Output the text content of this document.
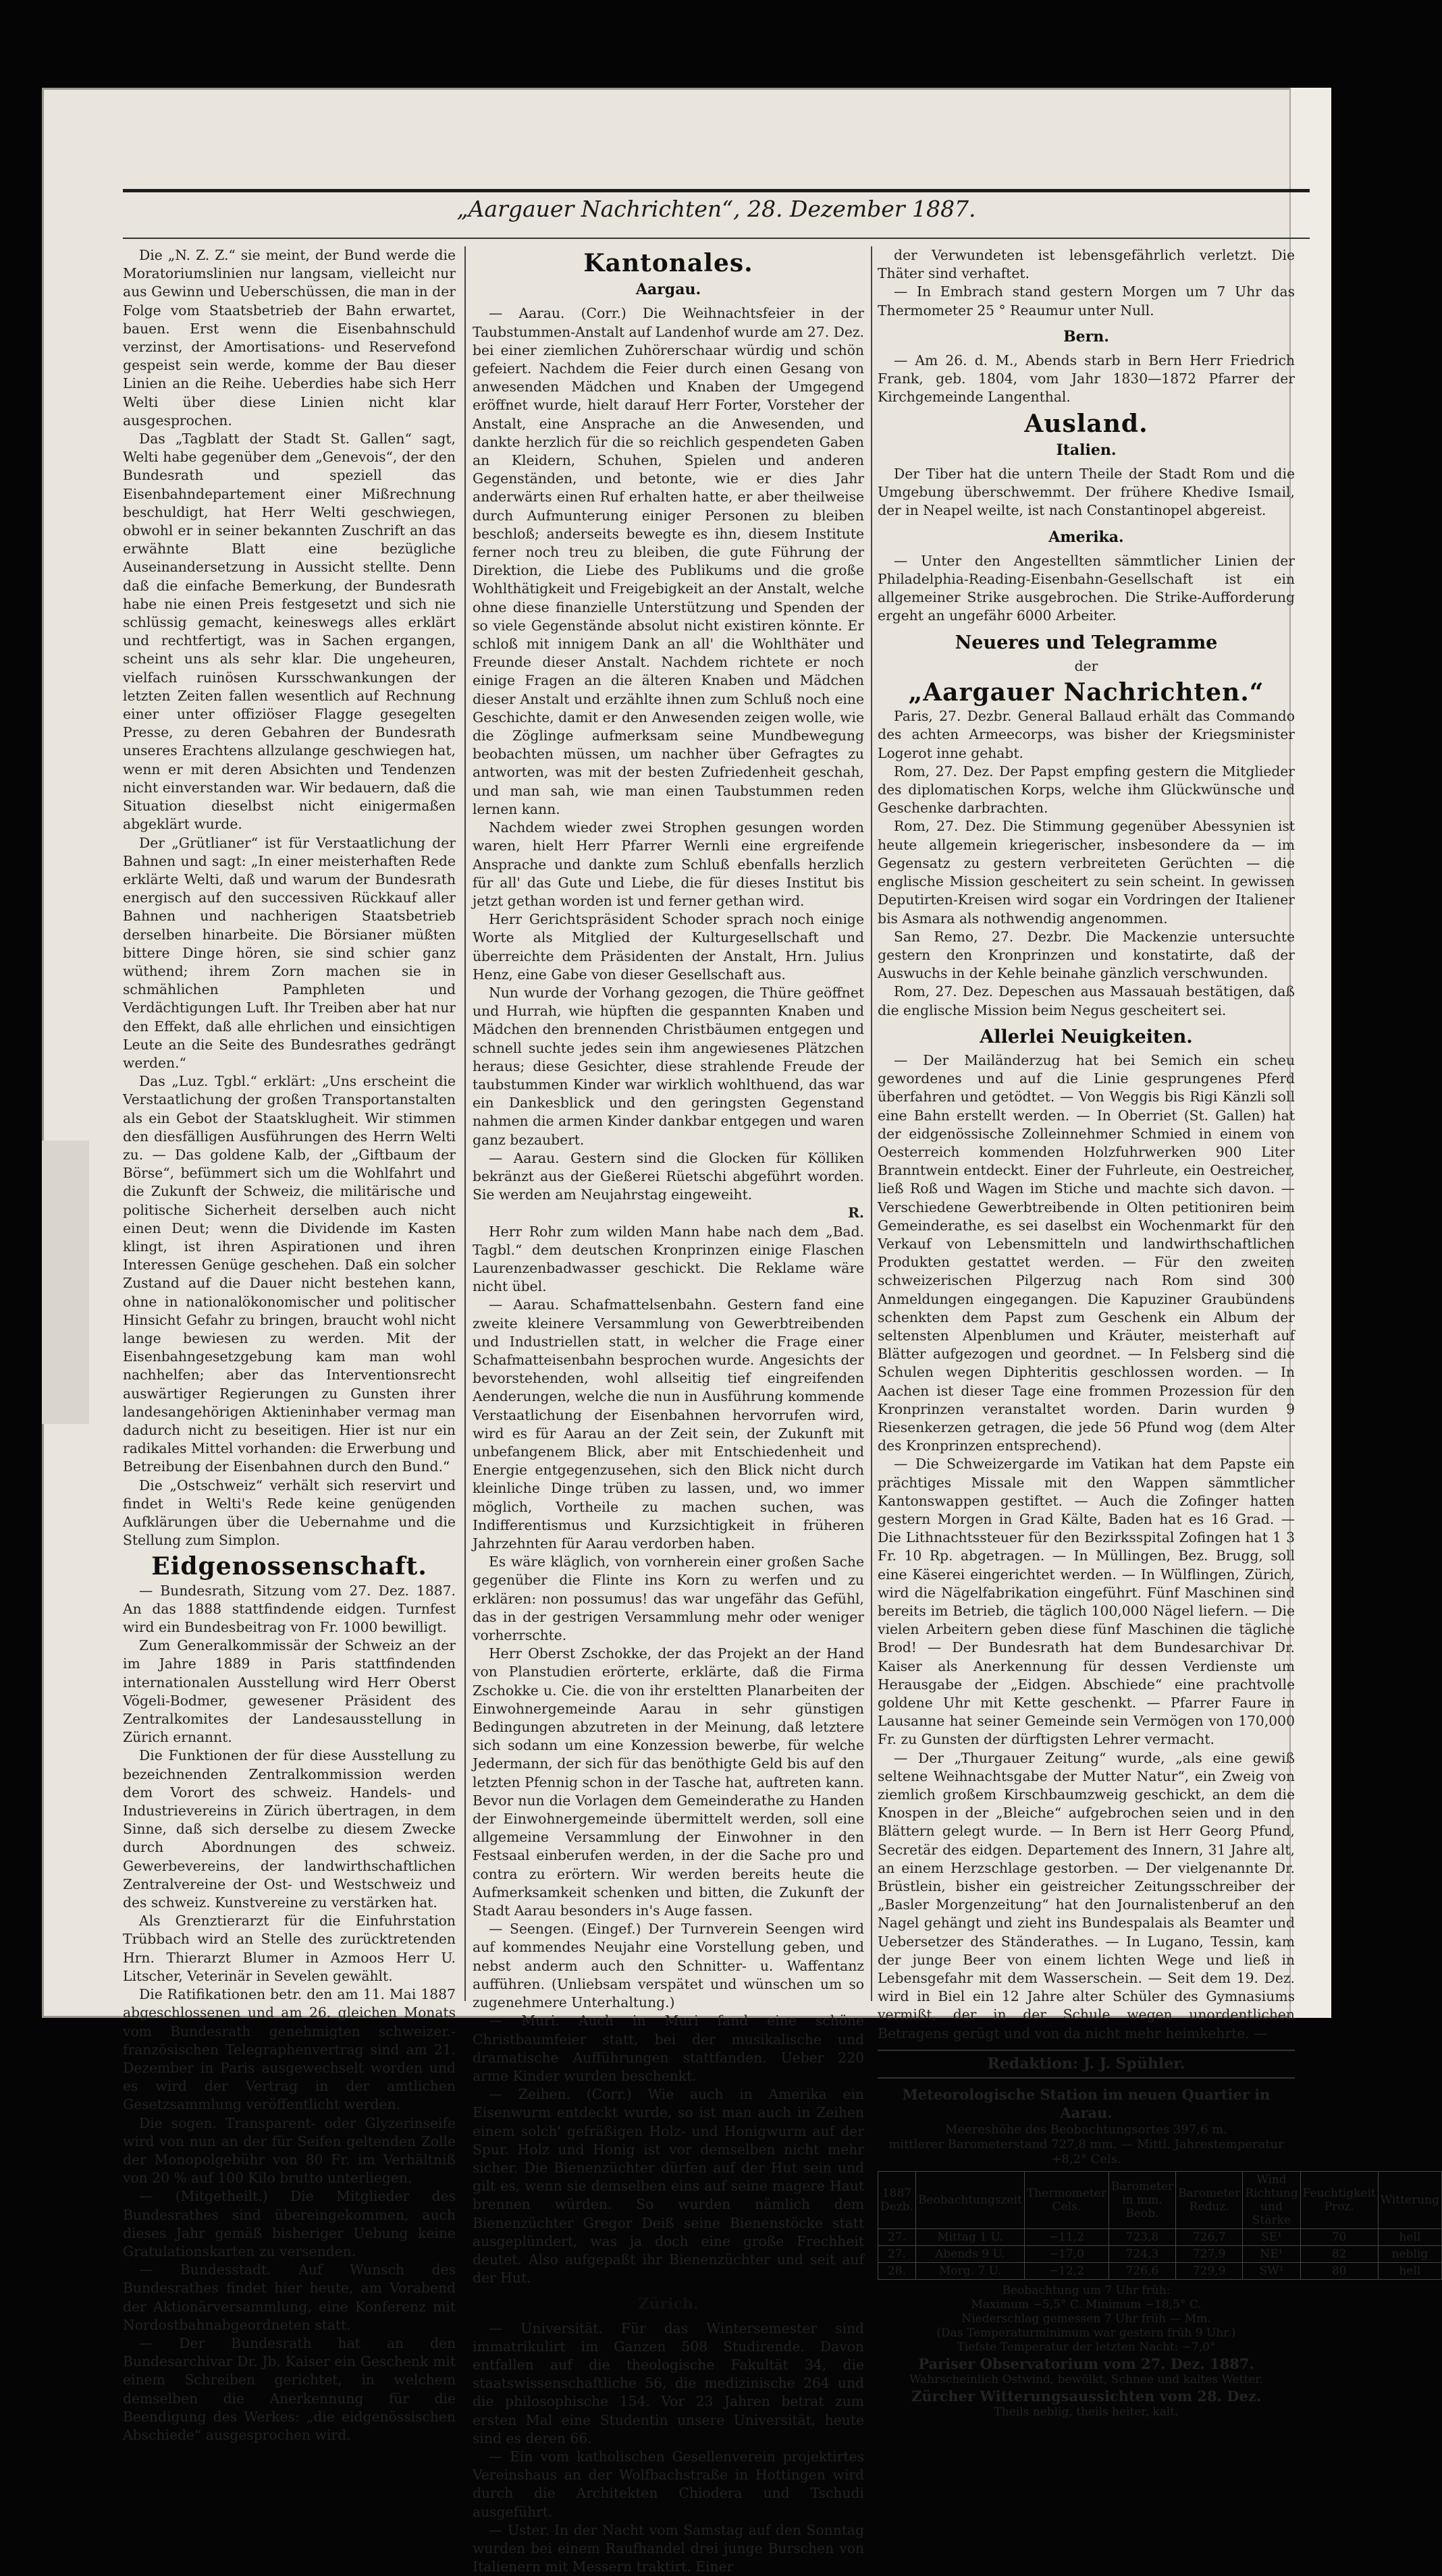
„Aargauer Nachrichten“, 28. Dezember 1887.

Die „N. Z. Z.“ sie meint, der Bund werde die Moratoriumslinien nur langsam, vielleicht nur aus Gewinn und Ueberschüssen, die man in der Folge vom Staatsbetrieb der Bahn erwartet, bauen. Erst wenn die Eisenbahnschuld verzinst, der Amortisations- und Reservefond gespeist sein werde, komme der Bau dieser Linien an die Reihe. Ueberdies habe sich Herr Welti über diese Linien nicht klar ausgesprochen.

Das „Tagblatt der Stadt St. Gallen“ sagt, Welti habe gegenüber dem „Genevois“, der den Bundesrath und speziell das Eisenbahndepartement einer Mißrechnung beschuldigt, hat Herr Welti geschwiegen, obwohl er in seiner bekannten Zuschrift an das erwähnte Blatt eine bezügliche Auseinandersetzung in Aussicht stellte. Denn daß die einfache Bemerkung, der Bundesrath habe nie einen Preis festgesetzt und sich nie schlüssig gemacht, keineswegs alles erklärt und rechtfertigt, was in Sachen ergangen, scheint uns als sehr klar. Die ungeheuren, vielfach ruinösen Kursschwankungen der letzten Zeiten fallen wesentlich auf Rechnung einer unter offiziöser Flagge gesegelten Presse, zu deren Gebahren der Bundesrath unseres Erachtens allzulange geschwiegen hat, wenn er mit deren Absichten und Tendenzen nicht einverstanden war. Wir bedauern, daß die Situation dieselbst nicht einigermaßen abgeklärt wurde.

Der „Grütlianer“ ist für Verstaatlichung der Bahnen und sagt: „In einer meisterhaften Rede erklärte Welti, daß und warum der Bundesrath energisch auf den successiven Rückkauf aller Bahnen und nachherigen Staatsbetrieb derselben hinarbeite. Die Börsianer müßten bittere Dinge hören, sie sind schier ganz wüthend; ihrem Zorn machen sie in schmählichen Pamphleten und Verdächtigungen Luft. Ihr Treiben aber hat nur den Effekt, daß alle ehrlichen und einsichtigen Leute an die Seite des Bundesrathes gedrängt werden.“

Das „Luz. Tgbl.“ erklärt: „Uns erscheint die Verstaatlichung der großen Transportanstalten als ein Gebot der Staatsklugheit. Wir stimmen den diesfälligen Ausführungen des Herrn Welti zu. — Das goldene Kalb, der „Giftbaum der Börse“, befümmert sich um die Wohlfahrt und die Zukunft der Schweiz, die militärische und politische Sicherheit derselben auch nicht einen Deut; wenn die Dividende im Kasten klingt, ist ihren Aspirationen und ihren Interessen Genüge geschehen. Daß ein solcher Zustand auf die Dauer nicht bestehen kann, ohne in nationalökonomischer und politischer Hinsicht Gefahr zu bringen, braucht wohl nicht lange bewiesen zu werden. Mit der Eisenbahngesetzgebung kam man wohl nachhelfen; aber das Interventionsrecht auswärtiger Regierungen zu Gunsten ihrer landesangehörigen Aktieninhaber vermag man dadurch nicht zu beseitigen. Hier ist nur ein radikales Mittel vorhanden: die Erwerbung und Betreibung der Eisenbahnen durch den Bund.“

Die „Ostschweiz“ verhält sich reservirt und findet in Welti's Rede keine genügenden Aufklärungen über die Uebernahme und die Stellung zum Simplon.

Eidgenossenschaft.

— Bundesrath, Sitzung vom 27. Dez. 1887. An das 1888 stattfindende eidgen. Turnfest wird ein Bundesbeitrag von Fr. 1000 bewilligt.

Zum Generalkommissär der Schweiz an der im Jahre 1889 in Paris stattfindenden internationalen Ausstellung wird Herr Oberst Vögeli-Bodmer, gewesener Präsident des Zentralkomites der Landesausstellung in Zürich ernannt.

Die Funktionen der für diese Ausstellung zu bezeichnenden Zentralkommission werden dem Vorort des schweiz. Handels- und Industrievereins in Zürich übertragen, in dem Sinne, daß sich derselbe zu diesem Zwecke durch Abordnungen des schweiz. Gewerbevereins, der landwirthschaftlichen Zentralvereine der Ost- und Westschweiz und des schweiz. Kunstvereine zu verstärken hat.

Als Grenztierarzt für die Einfuhrstation Trübbach wird an Stelle des zurücktretenden Hrn. Thierarzt Blumer in Azmoos Herr U. Litscher, Veterinär in Sevelen gewählt.

Die Ratifikationen betr. den am 11. Mai 1887 abgeschlossenen und am 26. gleichen Monats vom Bundesrath genehmigten schweizer.-französischen Telegraphenvertrag sind am 21. Dezember in Paris ausgewechselt worden und es wird der Vertrag in der amtlichen Gesetzsammlung veröffentlicht werden.

Die sogen. Transparent- oder Glyzerinseife wird von nun an der für Seifen geltenden Zolle der Monopolgebühr von 80 Fr. im Verhältniß von 20 % auf 100 Kilo brutto unterliegen.

— (Mitgetheilt.) Die Mitglieder des Bundesrathes sind übereingekommen, auch dieses Jahr gemäß bisheriger Uebung keine Gratulationskarten zu versenden.

— Bundesstadt. Auf Wunsch des Bundesrathes findet hier heute, am Vorabend der Aktionärversammlung, eine Konferenz mit Nordostbahnabgeordneten statt.

— Der Bundesrath hat an den Bundesarchivar Dr. Jb. Kaiser ein Geschenk mit einem Schreiben gerichtet, in welchem demselben die Anerkennung für die Beendigung des Werkes: „die eidgenössischen Abschiede“ ausgesprochen wird.

Kantonales.
Aargau.

— Aarau. (Corr.) Die Weihnachtsfeier in der Taubstummen-Anstalt auf Landenhof wurde am 27. Dez. bei einer ziemlichen Zuhörerschaar würdig und schön gefeiert. Nachdem die Feier durch einen Gesang von anwesenden Mädchen und Knaben der Umgegend eröffnet wurde, hielt darauf Herr Forter, Vorsteher der Anstalt, eine Ansprache an die Anwesenden, und dankte herzlich für die so reichlich gespendeten Gaben an Kleidern, Schuhen, Spielen und anderen Gegenständen, und betonte, wie er dies Jahr anderwärts einen Ruf erhalten hatte, er aber theilweise durch Aufmunterung einiger Personen zu bleiben beschloß; anderseits bewegte es ihn, diesem Institute ferner noch treu zu bleiben, die gute Führung der Direktion, die Liebe des Publikums und die große Wohlthätigkeit und Freigebigkeit an der Anstalt, welche ohne diese finanzielle Unterstützung und Spenden der so viele Gegenstände absolut nicht existiren könnte. Er schloß mit innigem Dank an all' die Wohlthäter und Freunde dieser Anstalt. Nachdem richtete er noch einige Fragen an die älteren Knaben und Mädchen dieser Anstalt und erzählte ihnen zum Schluß noch eine Geschichte, damit er den Anwesenden zeigen wolle, wie die Zöglinge aufmerksam seine Mundbewegung beobachten müssen, um nachher über Gefragtes zu antworten, was mit der besten Zufriedenheit geschah, und man sah, wie man einen Taubstummen reden lernen kann.

Nachdem wieder zwei Strophen gesungen worden waren, hielt Herr Pfarrer Wernli eine ergreifende Ansprache und dankte zum Schluß ebenfalls herzlich für all' das Gute und Liebe, die für dieses Institut bis jetzt gethan worden ist und ferner gethan wird.

Herr Gerichtspräsident Schoder sprach noch einige Worte als Mitglied der Kulturgesellschaft und überreichte dem Präsidenten der Anstalt, Hrn. Julius Henz, eine Gabe von dieser Gesellschaft aus.

Nun wurde der Vorhang gezogen, die Thüre geöffnet und Hurrah, wie hüpften die gespannten Knaben und Mädchen den brennenden Christbäumen entgegen und schnell suchte jedes sein ihm angewiesenes Plätzchen heraus; diese Gesichter, diese strahlende Freude der taubstummen Kinder war wirklich wohlthuend, das war ein Dankesblick und den geringsten Gegenstand nahmen die armen Kinder dankbar entgegen und waren ganz bezaubert.

— Aarau. Gestern sind die Glocken für Kölliken bekränzt aus der Gießerei Rüetschi abgeführt worden. Sie werden am Neujahrstag eingeweiht.

R.

Herr Rohr zum wilden Mann habe nach dem „Bad. Tagbl.“ dem deutschen Kronprinzen einige Flaschen Laurenzenbadwasser geschickt. Die Reklame wäre nicht übel.

— Aarau. Schafmattelsenbahn. Gestern fand eine zweite kleinere Versammlung von Gewerbtreibenden und Industriellen statt, in welcher die Frage einer Schafmatteisenbahn besprochen wurde. Angesichts der bevorstehenden, wohl allseitig tief eingreifenden Aenderungen, welche die nun in Ausführung kommende Verstaatlichung der Eisenbahnen hervorrufen wird, wird es für Aarau an der Zeit sein, der Zukunft mit unbefangenem Blick, aber mit Entschiedenheit und Energie entgegenzusehen, sich den Blick nicht durch kleinliche Dinge trüben zu lassen, und, wo immer möglich, Vortheile zu machen suchen, was Indifferentismus und Kurzsichtigkeit in früheren Jahrzehnten für Aarau verdorben haben.

Es wäre kläglich, von vornherein einer großen Sache gegenüber die Flinte ins Korn zu werfen und zu erklären: non possumus! das war ungefähr das Gefühl, das in der gestrigen Versammlung mehr oder weniger vorherrschte.

Herr Oberst Zschokke, der das Projekt an der Hand von Planstudien erörterte, erklärte, daß die Firma Zschokke u. Cie. die von ihr ersteltten Planarbeiten der Einwohnergemeinde Aarau in sehr günstigen Bedingungen abzutreten in der Meinung, daß letztere sich sodann um eine Konzession bewerbe, für welche Jedermann, der sich für das benöthigte Geld bis auf den letzten Pfennig schon in der Tasche hat, auftreten kann. Bevor nun die Vorlagen dem Gemeinderathe zu Handen der Einwohnergemeinde übermittelt werden, soll eine allgemeine Versammlung der Einwohner in den Festsaal einberufen werden, in der die Sache pro und contra zu erörtern. Wir werden bereits heute die Aufmerksamkeit schenken und bitten, die Zukunft der Stadt Aarau besonders in's Auge fassen.

— Seengen. (Eingef.) Der Turnverein Seengen wird auf kommendes Neujahr eine Vorstellung geben, und nebst anderm auch den Schnitter- u. Waffentanz aufführen. (Unliebsam verspätet und wünschen um so zugenehmere Unterhaltung.)

— Muri. Auch in Muri fand eine schöne Christbaumfeier statt, bei der musikalische und dramatische Aufführungen stattfanden. Ueber 220 arme Kinder wurden beschenkt.

— Zeihen. (Corr.) Wie auch in Amerika ein Eisenwurm entdeckt wurde, so ist man auch in Zeihen einem solch' gefräßigen Holz- und Honigwurm auf der Spur. Holz und Honig ist vor demselben nicht mehr sicher. Die Bienenzüchter dürfen auf der Hut sein und gilt es, wenn sie demselben eins auf seine magere Haut brennen würden. So wurden nämlich dem Bienenzüchter Gregor Deiß seine Bienenstöcke statt ausgeplündert, was ja doch eine große Frechheit deutet. Also aufgepaßt ihr Bienenzüchter und seit auf der Hut.

Zürich.

— Universität. Für das Wintersemester sind immatrikulirt im Ganzen 508 Studirende. Davon entfallen auf die theologische Fakultät 34, die staatswissenschaftliche 56, die medizinische 264 und die philosophische 154. Vor 23 Jahren betrat zum ersten Mal eine Studentin unsere Universität, heute sind es deren 66.

— Ein vom katholischen Gesellenverein projektirtes Vereinshaus an der Wolfbachstraße in Hottingen wird durch die Architekten Chiodera und Tschudi ausgeführt.

— Uster. In der Nacht vom Samstag auf den Sonntag wurden bei einem Raufhandel drei junge Burschen von Italienern mit Messern traktirt. Einer

der Verwundeten ist lebensgefährlich verletzt. Die Thäter sind verhaftet.

— In Embrach stand gestern Morgen um 7 Uhr das Thermometer 25 ° Reaumur unter Null.

Bern.

— Am 26. d. M., Abends starb in Bern Herr Friedrich Frank, geb. 1804, vom Jahr 1830—1872 Pfarrer der Kirchgemeinde Langenthal.

Ausland.
Italien.

Der Tiber hat die untern Theile der Stadt Rom und die Umgebung überschwemmt. Der frühere Khedive Ismail, der in Neapel weilte, ist nach Constantinopel abgereist.

Amerika.

— Unter den Angestellten sämmtlicher Linien der Philadelphia-Reading-Eisenbahn-Gesellschaft ist ein allgemeiner Strike ausgebrochen. Die Strike-Aufforderung ergeht an ungefähr 6000 Arbeiter.

Neueres und Telegramme

der

„Aargauer Nachrichten.“

Paris, 27. Dezbr. General Ballaud erhält das Commando des achten Armeecorps, was bisher der Kriegsminister Logerot inne gehabt.

Rom, 27. Dez. Der Papst empfing gestern die Mitglieder des diplomatischen Korps, welche ihm Glückwünsche und Geschenke darbrachten.

Rom, 27. Dez. Die Stimmung gegenüber Abessynien ist heute allgemein kriegerischer, insbesondere da — im Gegensatz zu gestern verbreiteten Gerüchten — die englische Mission gescheitert zu sein scheint. In gewissen Deputirten-Kreisen wird sogar ein Vordringen der Italiener bis Asmara als nothwendig angenommen.

San Remo, 27. Dezbr. Die Mackenzie untersuchte gestern den Kronprinzen und konstatirte, daß der Auswuchs in der Kehle beinahe gänzlich verschwunden.

Rom, 27. Dez. Depeschen aus Massauah bestätigen, daß die englische Mission beim Negus gescheitert sei.

Allerlei Neuigkeiten.

— Der Mailänderzug hat bei Semich ein scheu gewordenes und auf die Linie gesprungenes Pferd überfahren und getödtet. — Von Weggis bis Rigi Känzli soll eine Bahn erstellt werden. — In Oberriet (St. Gallen) hat der eidgenössische Zolleinnehmer Schmied in einem von Oesterreich kommenden Holzfuhrwerken 900 Liter Branntwein entdeckt. Einer der Fuhrleute, ein Oestreicher, ließ Roß und Wagen im Stiche und machte sich davon. — Verschiedene Gewerbtreibende in Olten petitioniren beim Gemeinderathe, es sei daselbst ein Wochenmarkt für den Verkauf von Lebensmitteln und landwirthschaftlichen Produkten gestattet werden. — Für den zweiten schweizerischen Pilgerzug nach Rom sind 300 Anmeldungen eingegangen. Die Kapuziner Graubündens schenkten dem Papst zum Geschenk ein Album der seltensten Alpenblumen und Kräuter, meisterhaft auf Blätter aufgezogen und geordnet. — In Felsberg sind die Schulen wegen Diphteritis geschlossen worden. — In Aachen ist dieser Tage eine frommen Prozession für den Kronprinzen veranstaltet worden. Darin wurden 9 Riesenkerzen getragen, die jede 56 Pfund wog (dem Alter des Kronprinzen entsprechend).

— Die Schweizergarde im Vatikan hat dem Papste ein prächtiges Missale mit den Wappen sämmtlicher Kantonswappen gestiftet. — Auch die Zofinger hatten gestern Morgen in Grad Kälte, Baden hat es 16 Grad. — Die Lithnachtssteuer für den Bezirksspital Zofingen hat 1 3 Fr. 10 Rp. abgetragen. — In Müllingen, Bez. Brugg, soll eine Käserei eingerichtet werden. — In Wülflingen, Zürich, wird die Nägelfabrikation eingeführt. Fünf Maschinen sind bereits im Betrieb, die täglich 100,000 Nägel liefern. — Die vielen Arbeitern geben diese fünf Maschinen die tägliche Brod! — Der Bundesrath hat dem Bundesarchivar Dr. Kaiser als Anerkennung für dessen Verdienste um Herausgabe der „Eidgen. Abschiede“ eine prachtvolle goldene Uhr mit Kette geschenkt. — Pfarrer Faure in Lausanne hat seiner Gemeinde sein Vermögen von 170,000 Fr. zu Gunsten der dürftigsten Lehrer vermacht.

— Der „Thurgauer Zeitung“ wurde, „als eine gewiß seltene Weihnachtsgabe der Mutter Natur“, ein Zweig von ziemlich großem Kirschbaumzweig geschickt, an dem die Knospen in der „Bleiche“ aufgebrochen seien und in den Blättern gelegt wurde. — In Bern ist Herr Georg Pfund, Secretär des eidgen. Departement des Innern, 31 Jahre alt, an einem Herzschlage gestorben. — Der vielgenannte Dr. Brüstlein, bisher ein geistreicher Zeitungsschreiber der „Basler Morgenzeitung“ hat den Journalistenberuf an den Nagel gehängt und zieht ins Bundespalais als Beamter und Uebersetzer des Ständerathes. — In Lugano, Tessin, kam der junge Beer von einem lichten Wege und ließ in Lebensgefahr mit dem Wasserschein. — Seit dem 19. Dez. wird in Biel ein 12 Jahre alter Schüler des Gymnasiums vermißt, der in der Schule wegen unordentlichen Betragens gerügt und von da nicht mehr heimkehrte. —

Redaktion: J. J. Spühler.
Meteorologische Station im neuen Quartier in Aarau.
Meereshöhe des Beobachtungsortes 397,6 m.
mittlerer Barometerstand 727,8 mm. — Mittl. Jahrestemperatur +8,2° Cels.
1887 Dezb.	Beobachtungszeit	Thermometer Cels.	Barometer in mm. Beob.	Barometer Reduz.	Wind Richtung und Stärke	Feuchtigkeit Proz.	Witterung
27.	Mittag 1 U.	−11,2	723,8	726,7	SE¹	70	hell
27.	Abends 9 U.	−17,0	724,3	727,9	NE¹	82	neblig
28.	Morg. 7 U.	−12,2	726,6	729,9	SW¹	80	hell

Beobachtung um 7 Uhr früh:

Maximum −5,5° C. Minimum −18,5° C.

Niederschlag gemessen 7 Uhr früh — Mm.

(Das Temperaturminimum war gestern früh 9 Uhr.)

Tiefste Temperatur der letzten Nacht: −7,0°

Pariser Observatorium vom 27. Dez. 1887.

Wahrscheinlich Ostwind, bewölkt, Schnee und kaltes Wetter.

Zürcher Witterungsaussichten vom 28. Dez.

Theils neblig, theils heiter, kalt.
